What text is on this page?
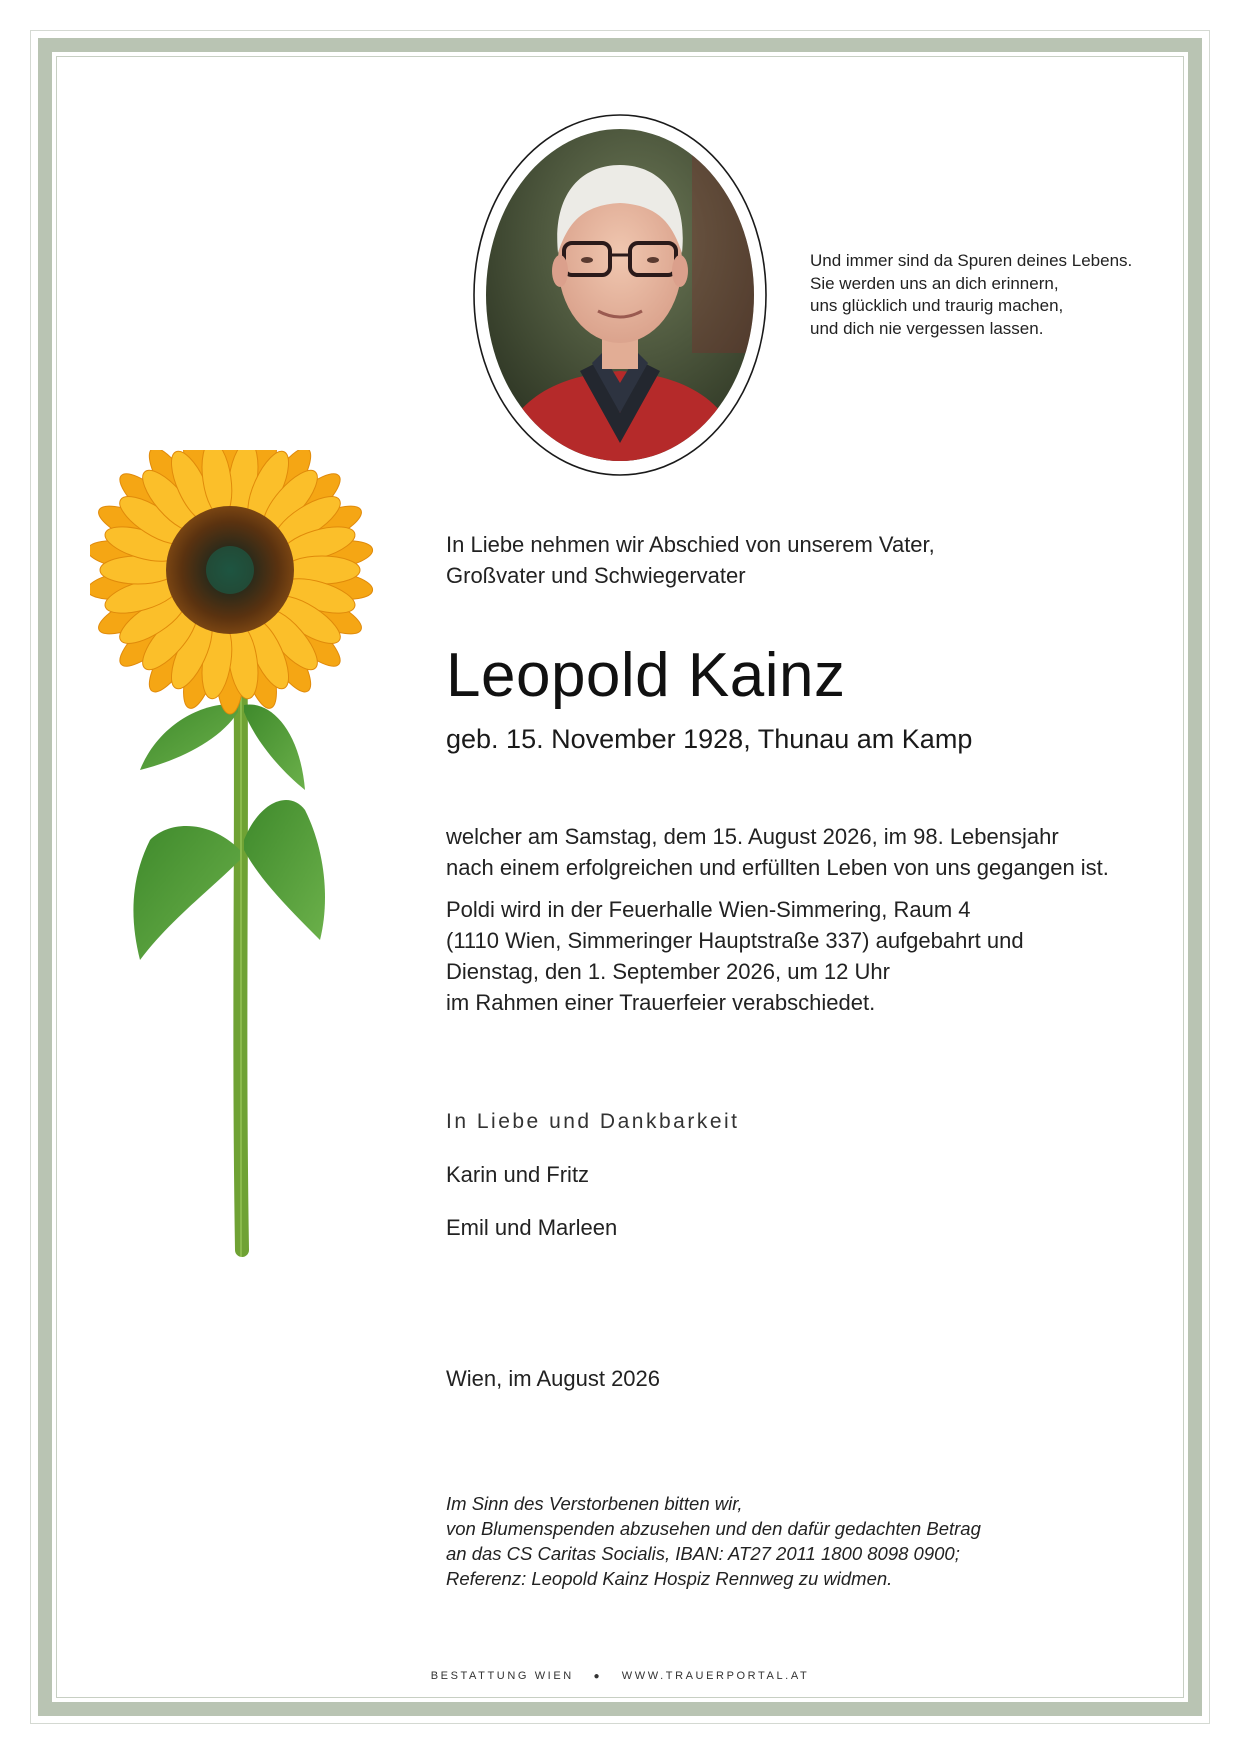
Und immer sind da Spuren deines Lebens.
Sie werden uns an dich erinnern,
uns glücklich und traurig machen,
und dich nie vergessen lassen.
In Liebe nehmen wir Abschied von unserem Vater,
Großvater und Schwiegervater
Leopold Kainz
geb. 15. November 1928, Thunau am Kamp
welcher am Samstag, dem 15. August 2026, im 98. Lebensjahr
nach einem erfolgreichen und erfüllten Leben von uns gegangen ist.
Poldi wird in der Feuerhalle Wien-Simmering, Raum 4
(1110 Wien, Simmeringer Hauptstraße 337) aufgebahrt und
Dienstag, den 1. September 2026, um 12 Uhr
im Rahmen einer Trauerfeier verabschiedet.
In Liebe und Dankbarkeit
Karin und Fritz
Emil und Marleen
Wien, im August 2026
Im Sinn des Verstorbenen bitten wir,
von Blumenspenden abzusehen und den dafür gedachten Betrag
an das CS Caritas Socialis, IBAN: AT27 2011 1800 8098 0900;
Referenz: Leopold Kainz Hospiz Rennweg zu widmen.
BESTATTUNG WIEN ● WWW.TRAUERPORTAL.AT
